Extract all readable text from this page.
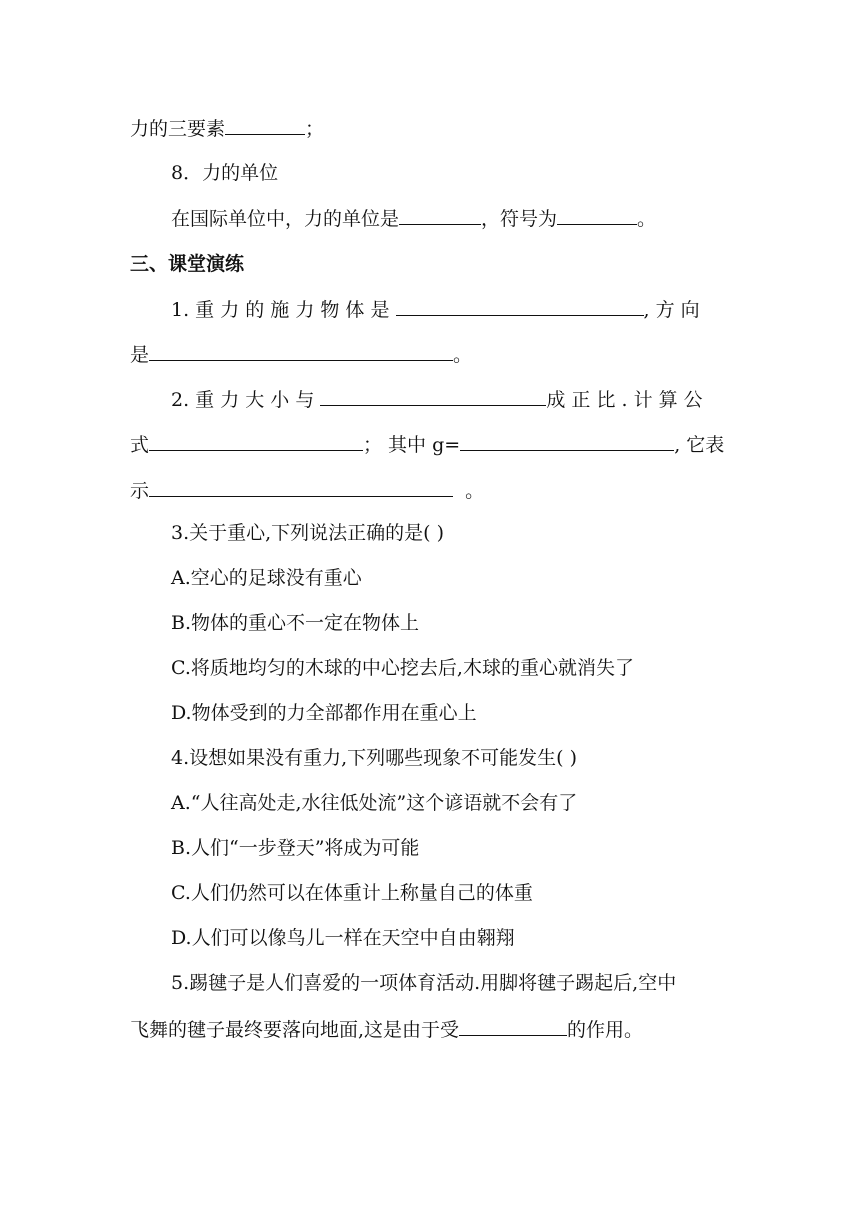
力的三要素	；
8．力的单位
在国际单位中，力的单位是	，符号为	。
三、课堂演练
1. 重 力 的 施 力 物 体 是	, 方 向
是	。
2. 重 力 大 小 与	成 正 比 . 计 算 公
式	； 其中 g=	, 它表
示	。
3.关于重心,下列说法正确的是( )
A.空心的足球没有重心
B.物体的重心不一定在物体上
C.将质地均匀的木球的中心挖去后,木球的重心就消失了
D.物体受到的力全部都作用在重心上
4.设想如果没有重力,下列哪些现象不可能发生( )
A.“人往高处走,水往低处流”这个谚语就不会有了
B.人们“一步登天”将成为可能
C.人们仍然可以在体重计上称量自己的体重
D.人们可以像鸟儿一样在天空中自由翱翔
5.踢毽子是人们喜爱的一项体育活动.用脚将毽子踢起后,空中
飞舞的毽子最终要落向地面,这是由于受	的作用。
